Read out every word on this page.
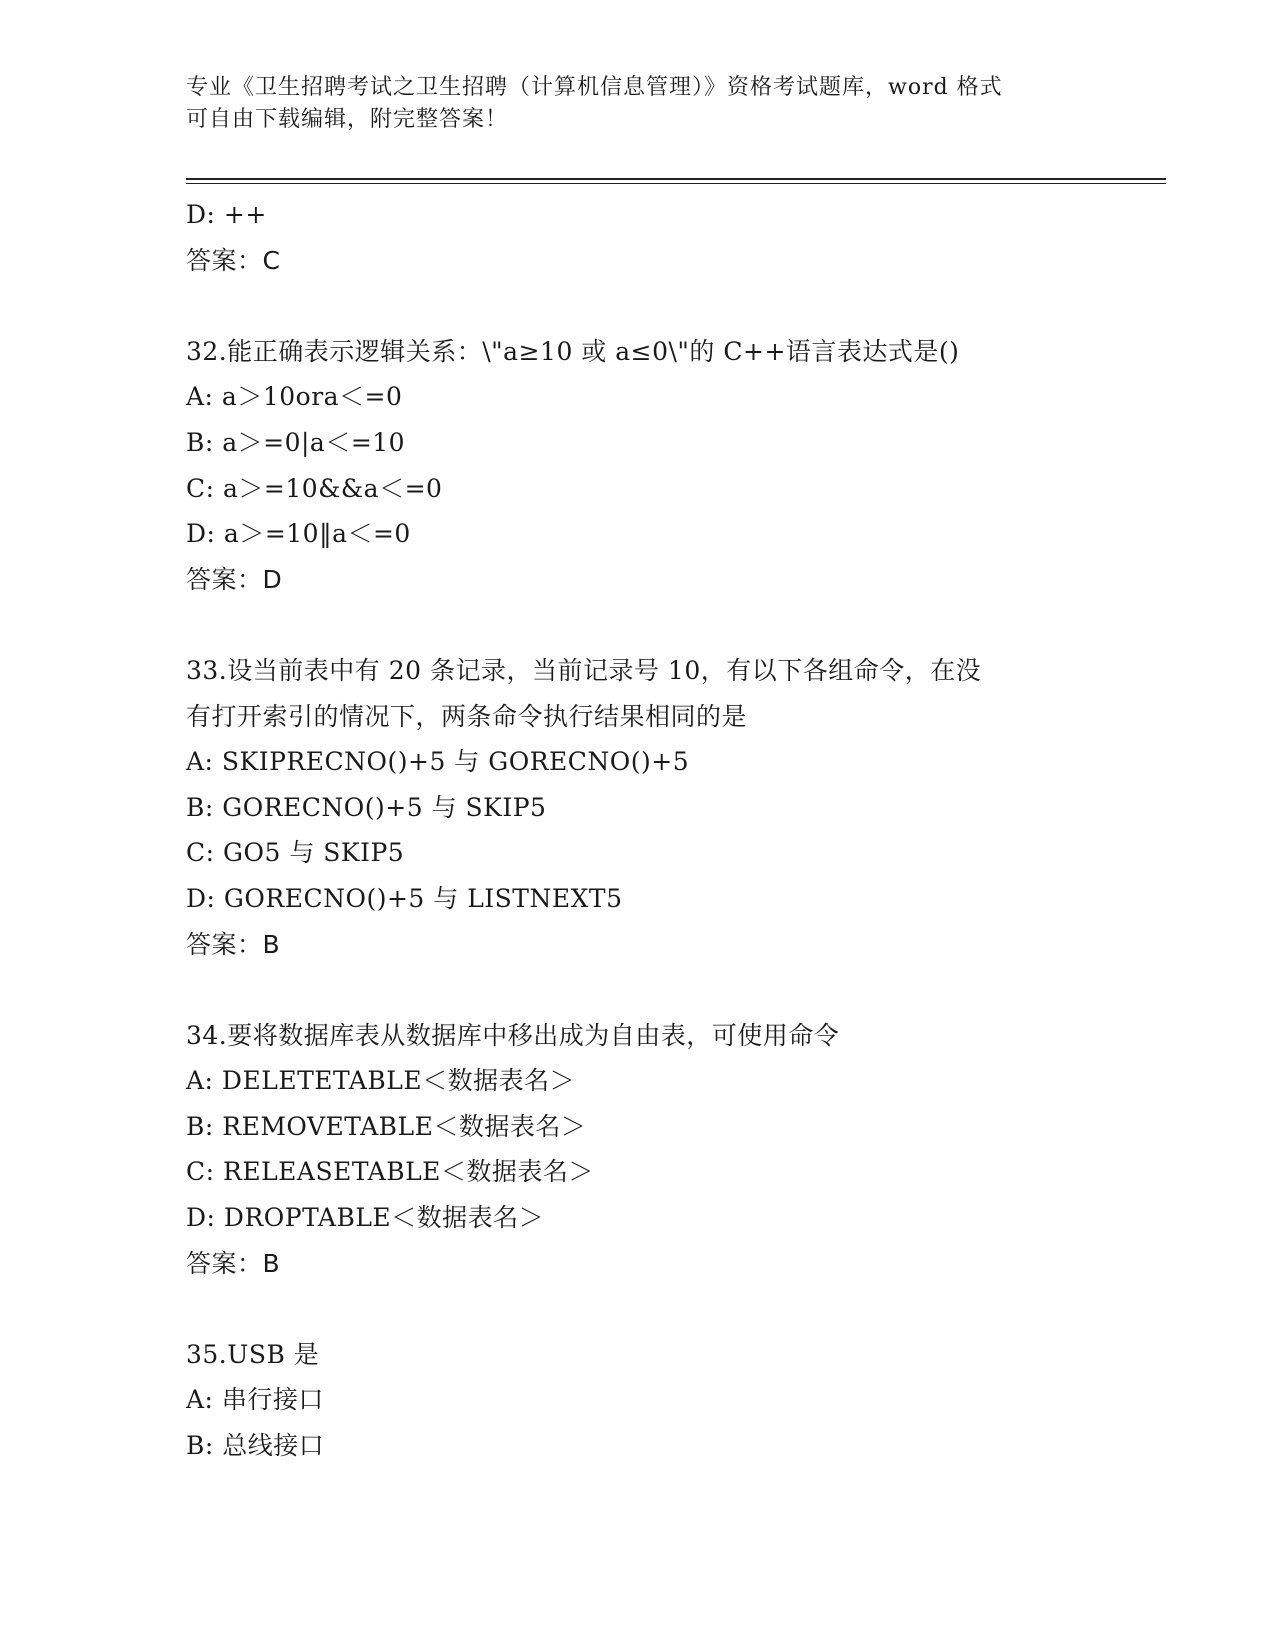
专业《卫生招聘考试之卫生招聘（计算机信息管理）》资格考试题库，word 格式
可自由下载编辑，附完整答案！
D: ++
答案：C
32.能正确表示逻辑关系：\"a≥10 或 a≤0\"的 C++语言表达式是()
A: a＞10ora＜=0
B: a＞=0|a＜=10
C: a＞=10&&a＜=0
D: a＞=10‖a＜=0
答案：D
33.设当前表中有 20 条记录，当前记录号 10，有以下各组命令，在没
有打开索引的情况下，两条命令执行结果相同的是
A: SKIPRECNO()+5 与 GORECNO()+5
B: GORECNO()+5 与 SKIP5
C: GO5 与 SKIP5
D: GORECNO()+5 与 LISTNEXT5
答案：B
34.要将数据库表从数据库中移出成为自由表，可使用命令
A: DELETETABLE＜数据表名＞
B: REMOVETABLE＜数据表名＞
C: RELEASETABLE＜数据表名＞
D: DROPTABLE＜数据表名＞
答案：B
35.USB 是
A: 串行接口
B: 总线接口
